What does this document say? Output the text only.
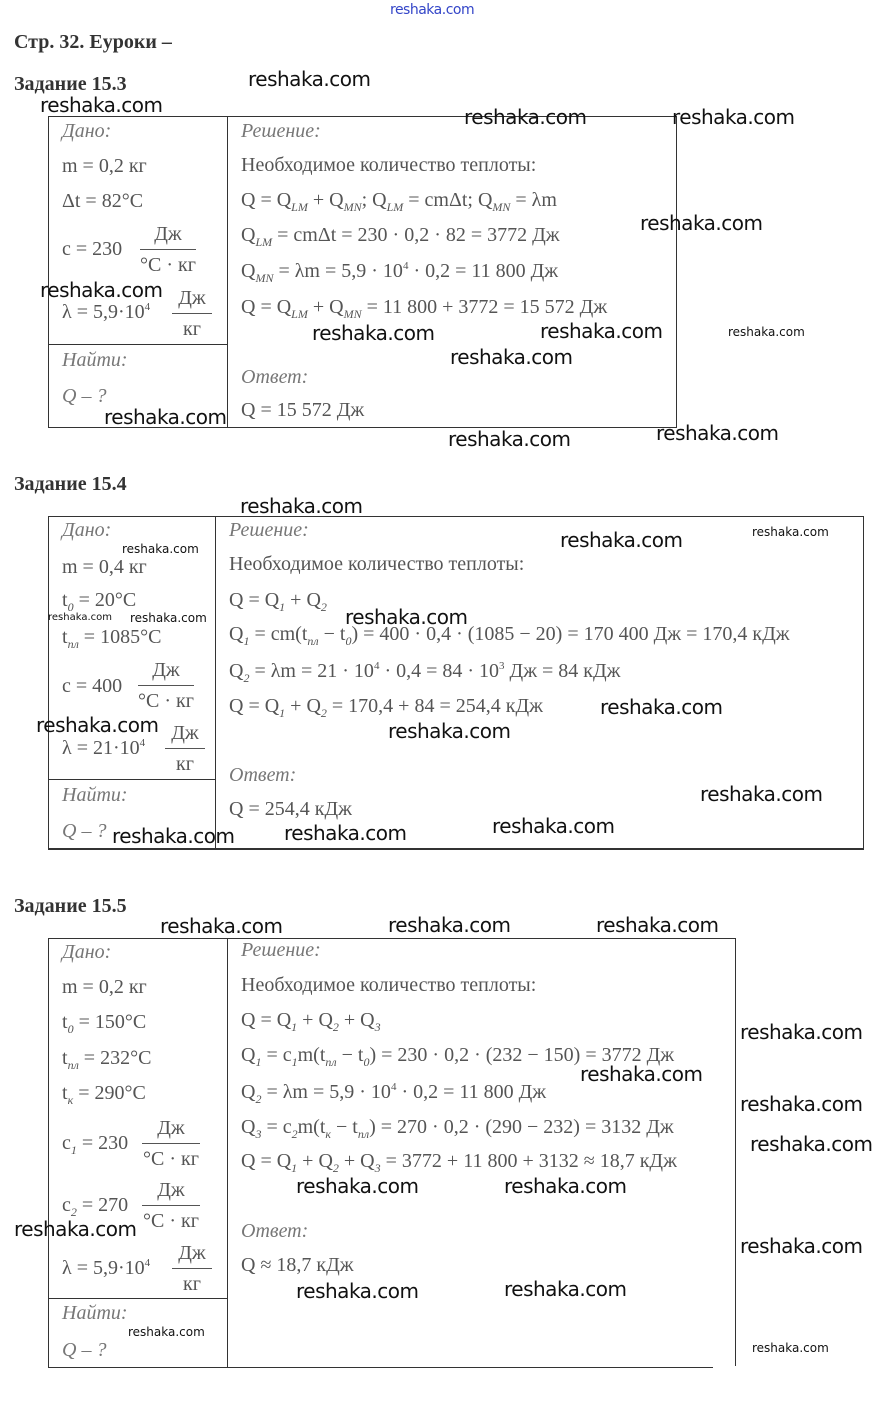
reshaka.com
Стр. 32. Еуроки –
Задание 15.3
Дано:
m = 0,2 кг
Δt = 82°C
c = 230
Дж
°C · кг
$\lambda = 5,9\cdot 10^4$	Дж
кг
Найти:
Q – ?
Решение:
Необходимое количество теплоты:
$Q = Q_{LM} + Q_{MN}$; $Q_{LM} = cm\Delta t$; $Q_{MN} = \lambda m$
$Q_{LM} = cm\Delta t = 230 \cdot 0,2 \cdot 82 = 3772$ Дж
$Q_{MN} = \lambda m = 5,9 \cdot 10^4 \cdot 0,2 = 11$ 800 Дж
$Q = Q_{LM} + Q_{MN} = 11$ 800 + 3772 = 15 572 Дж
Ответ:
Q = 15 572 Дж
Задание 15.4
Дано:
m = 0,4 кг
$t_0 = 20^\circ C$
$t_{пл} = 1085^\circ C$
c = 400
Дж
°C · кг
$\lambda = 21\cdot 10^4$	Дж
кг
Найти:
Q – ?
Решение:
Необходимое количество теплоты:
$Q = Q_1 + Q_2$
$Q_1 = cm(t_{пл} - t_0) = 400 \cdot 0,4 \cdot (1085 - 20) = 170$ 400 Дж = 170,4 кДж
$Q_2 = \lambda m = 21 \cdot 10^4 \cdot 0,4 = 84 \cdot 10^3$ Дж = 84 кДж
$Q = Q_1 + Q_2 = 170,4 + 84 = 254,4$ кДж
Ответ:
Q = 254,4 кДж
Задание 15.5
Дано:
m = 0,2 кг
$t_0 = 150^\circ C$
$t_{пл} = 232^\circ C$
$t_к = 290^\circ C$
$c_1 = 230$
Дж
°C · кг
$c_2 = 270$
Дж
°C · кг
$\lambda = 5,9\cdot 10^4$	Дж
кг
Найти:
Q – ?
Решение:
Необходимое количество теплоты:
$Q = Q_1 + Q_2 + Q_3$
$Q_1 = c_1m(t_{пл} - t_0) = 230 \cdot 0,2 \cdot (232 - 150) = 3772$ Дж
$Q_2 = \lambda m = 5,9 \cdot 10^4 \cdot 0,2 = 11$ 800 Дж
$Q_3 = c_2m(t_к - t_{пл}) = 270 \cdot 0,2 \cdot (290 - 232) = 3132$ Дж
$Q = Q_1 + Q_2 + Q_3 = 3772 + 11$ 800 + 3132 ≈ 18,7 кДж
Ответ:
Q ≈ 18,7 кДж
reshaka.com
reshaka.com	reshaka.com	reshaka.com
reshaka.com
reshaka.com
reshaka.com
reshaka.com
reshaka.com
reshaka.com
reshaka.com	reshaka.com
reshaka.com
reshaka.com
reshaka.com
reshaka.com
reshaka.com	reshaka.com
reshaka.com
reshaka.com	reshaka.com
reshaka.com
reshaka.com	reshaka.com	reshaka.com
reshaka.com
reshaka.com
reshaka.com
reshaka.com
reshaka.com	reshaka.com
reshaka.com
reshaka.com
reshaka.com	reshaka.com
reshaka.com
reshaka.com
reshaka.com
reshaka.com reshaka.com
reshaka.com
reshaka.com
